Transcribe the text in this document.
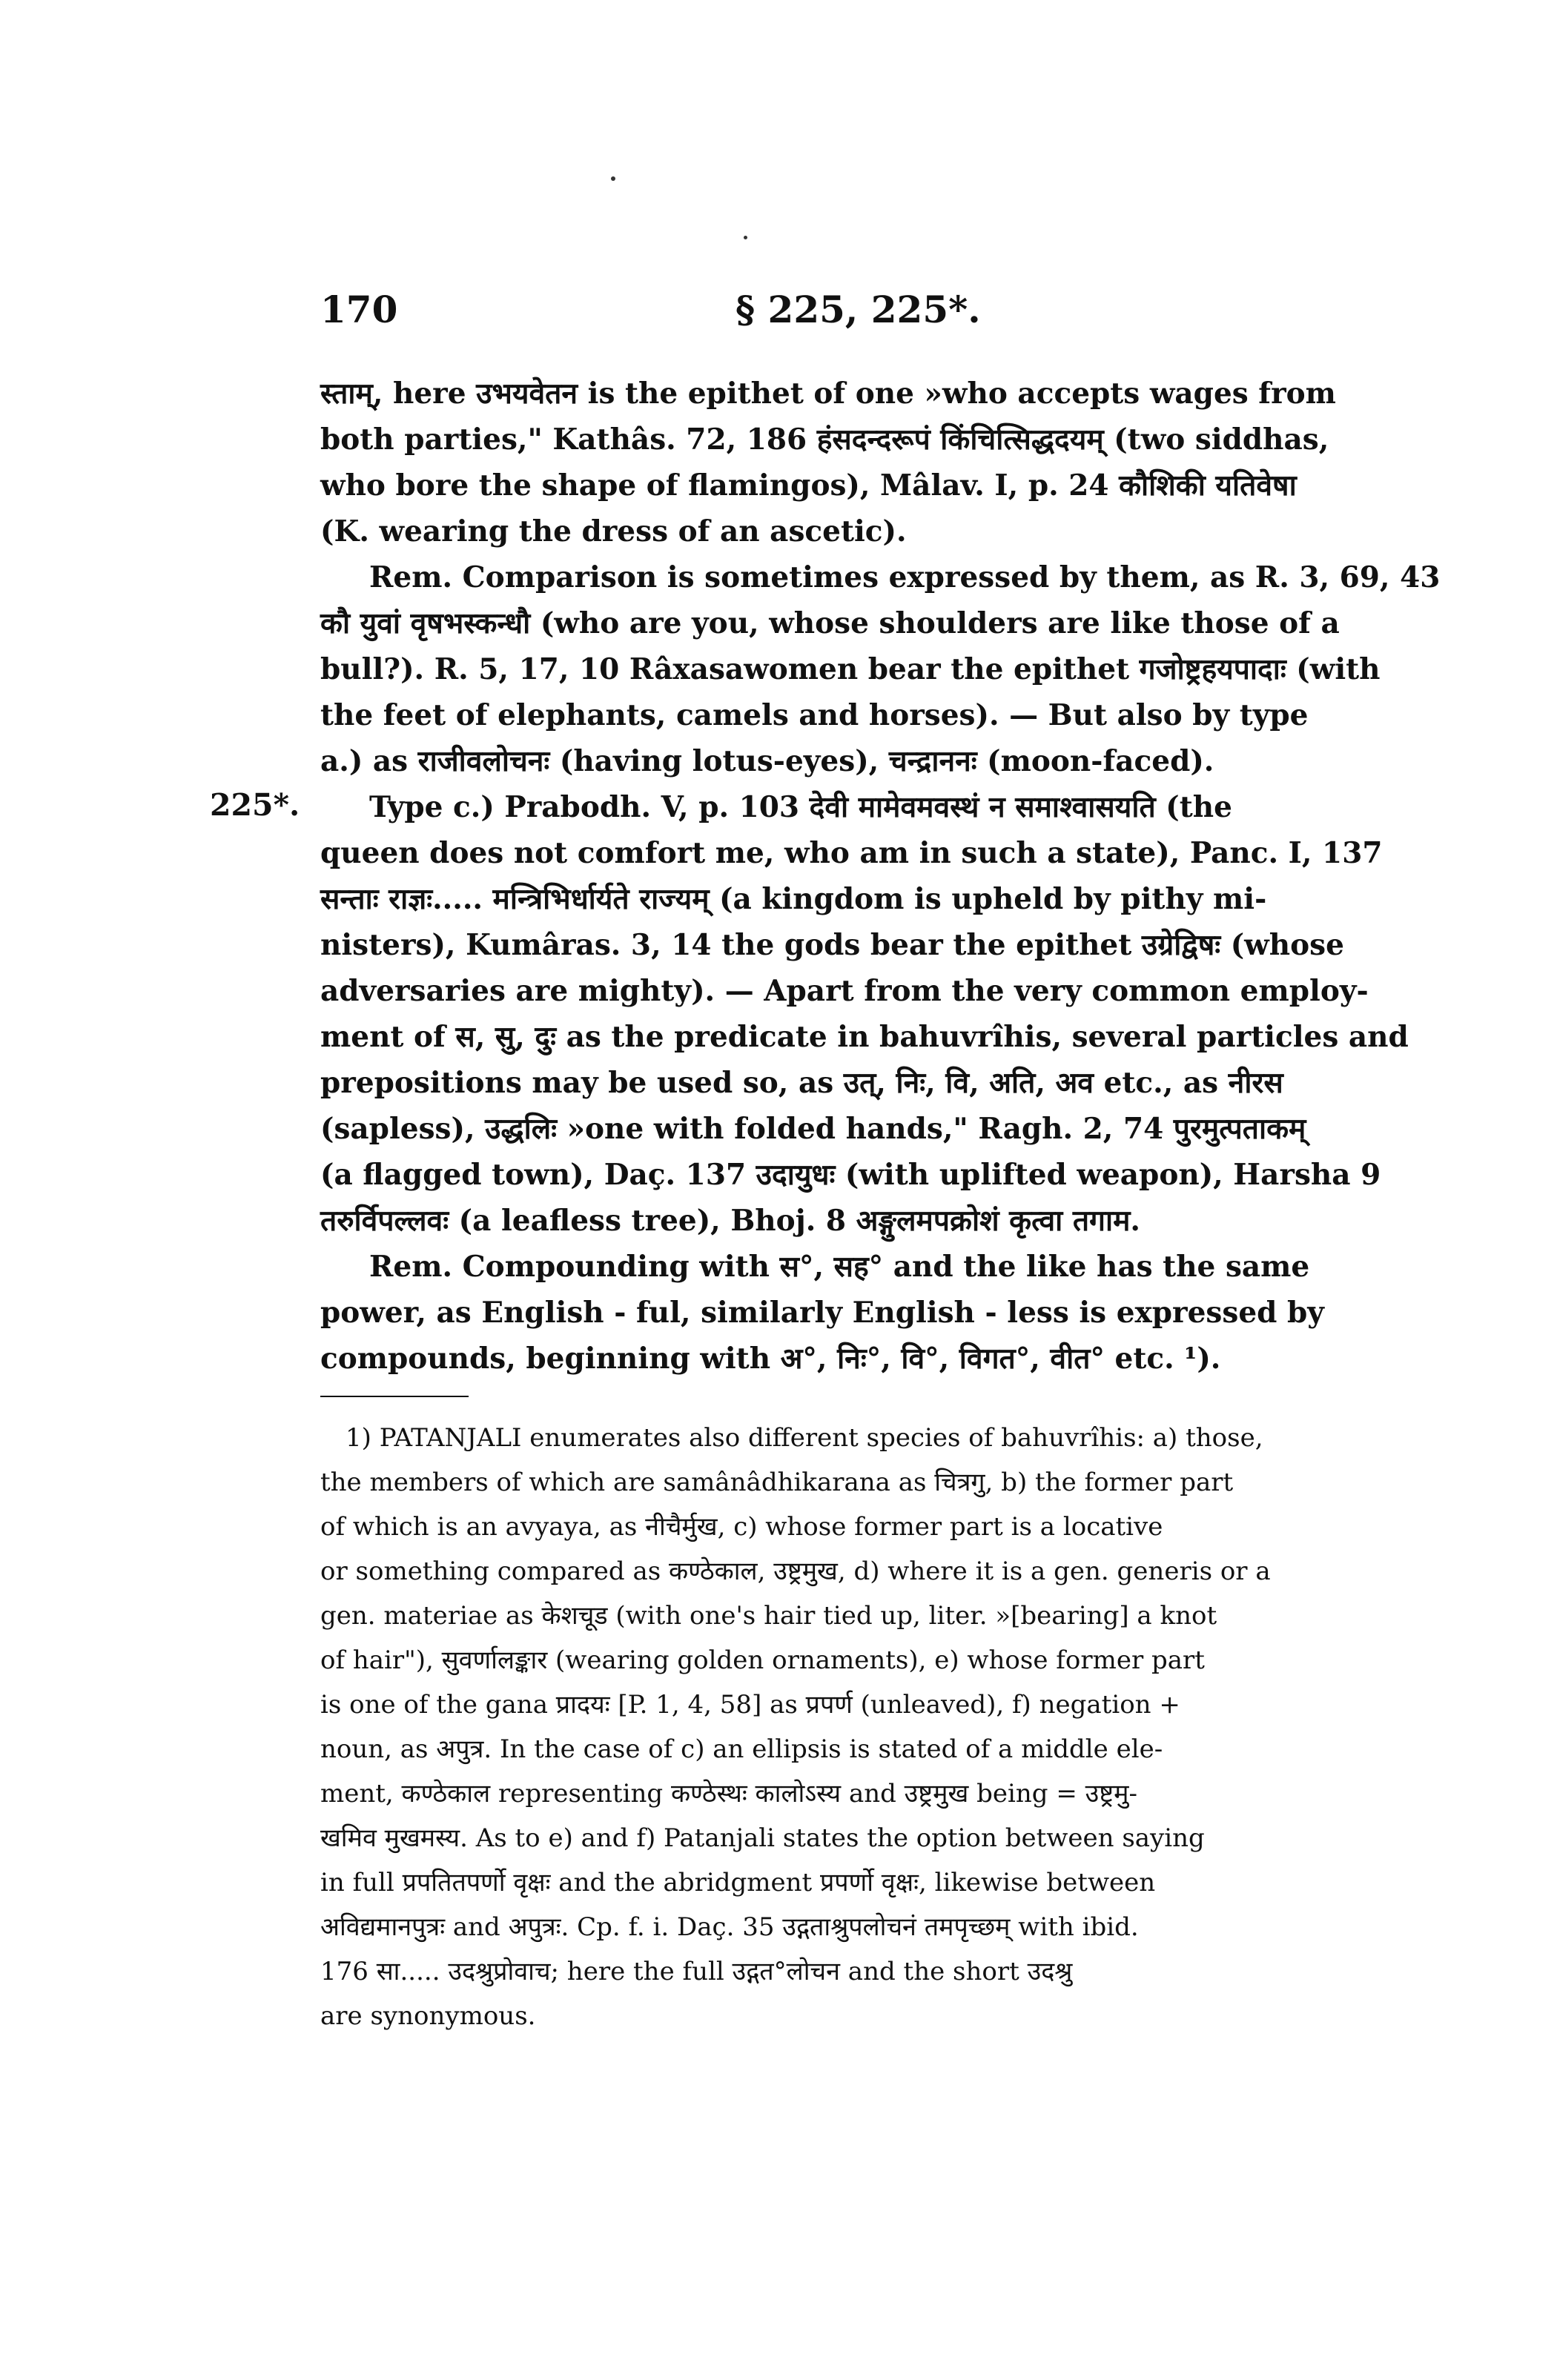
170	§ 225, 225*.
225*.
स्ताम्, here उभयवेतन is the epithet of one »who accepts wages from
both parties," Kathâs. 72, 186 हंसदन्दरूपं किंचित्सिद्धदयम् (two siddhas,
who bore the shape of flamingos), Mâlav. I, p. 24 कौशिकी यतिवेषा
(K. wearing the dress of an ascetic).
Rem. Comparison is sometimes expressed by them, as R. 3, 69, 43
कौ युवां वृषभस्कन्धौ (who are you, whose shoulders are like those of a
bull?). R. 5, 17, 10 Râxasawomen bear the epithet गजोष्ट्रहयपादाः (with
the feet of elephants, camels and horses). — But also by type
a.) as राजीवलोचनः (having lotus-eyes), चन्द्राननः (moon-faced).
Type c.) Prabodh. V, p. 103 देवी मामेवमवस्थं न समाश्वासयति (the
queen does not comfort me, who am in such a state), Panc. I, 137
सन्ताः राज्ञः..... मन्त्रिभिर्धार्यते राज्यम् (a kingdom is upheld by pithy mi-
nisters), Kumâras. 3, 14 the gods bear the epithet उग्रेद्विषः (whose
adversaries are mighty). — Apart from the very common employ-
ment of स, सु, दुः as the predicate in bahuvrîhis, several particles and
prepositions may be used so, as उत्, निः, वि, अति, अव etc., as नीरस
(sapless), उद्धलिः »one with folded hands," Ragh. 2, 74 पुरमुत्पताकम्
(a flagged town), Daç. 137 उदायुधः (with uplifted weapon), Harsha 9
तरुर्विपल्लवः (a leafless tree), Bhoj. 8 अङ्गुलमपक्रोशं कृत्वा तगाम.
Rem. Compounding with स°, सह° and the like has the same
power, as English - ful, similarly English - less is expressed by
compounds, beginning with अ°, निः°, वि°, विगत°, वीत° etc. ¹).
1) PATANJALI enumerates also different species of bahuvrîhis: a) those,
the members of which are samânâdhikarana as चित्रगु, b) the former part
of which is an avyaya, as नीचैर्मुख, c) whose former part is a locative
or something compared as कण्ठेकाल, उष्ट्रमुख, d) where it is a gen. generis or a
gen. materiae as केशचूड (with one's hair tied up, liter. »[bearing] a knot
of hair"), सुवर्णालङ्कार (wearing golden ornaments), e) whose former part
is one of the gana प्रादयः [P. 1, 4, 58] as प्रपर्ण (unleaved), f) negation +
noun, as अपुत्र. In the case of c) an ellipsis is stated of a middle ele-
ment, कण्ठेकाल representing कण्ठेस्थः कालोऽस्य and उष्ट्रमुख being = उष्ट्रमु-
खमिव मुखमस्य. As to e) and f) Patanjali states the option between saying
in full प्रपतितपर्णो वृक्षः and the abridgment प्रपर्णो वृक्षः, likewise between
अविद्यमानपुत्रः and अपुत्रः. Cp. f. i. Daç. 35 उद्गताश्रुपलोचनं तमपृच्छम् with ibid.
176 सा..... उदश्रुप्रोवाच; here the full उद्गत°लोचन and the short उदश्रु
are synonymous.
